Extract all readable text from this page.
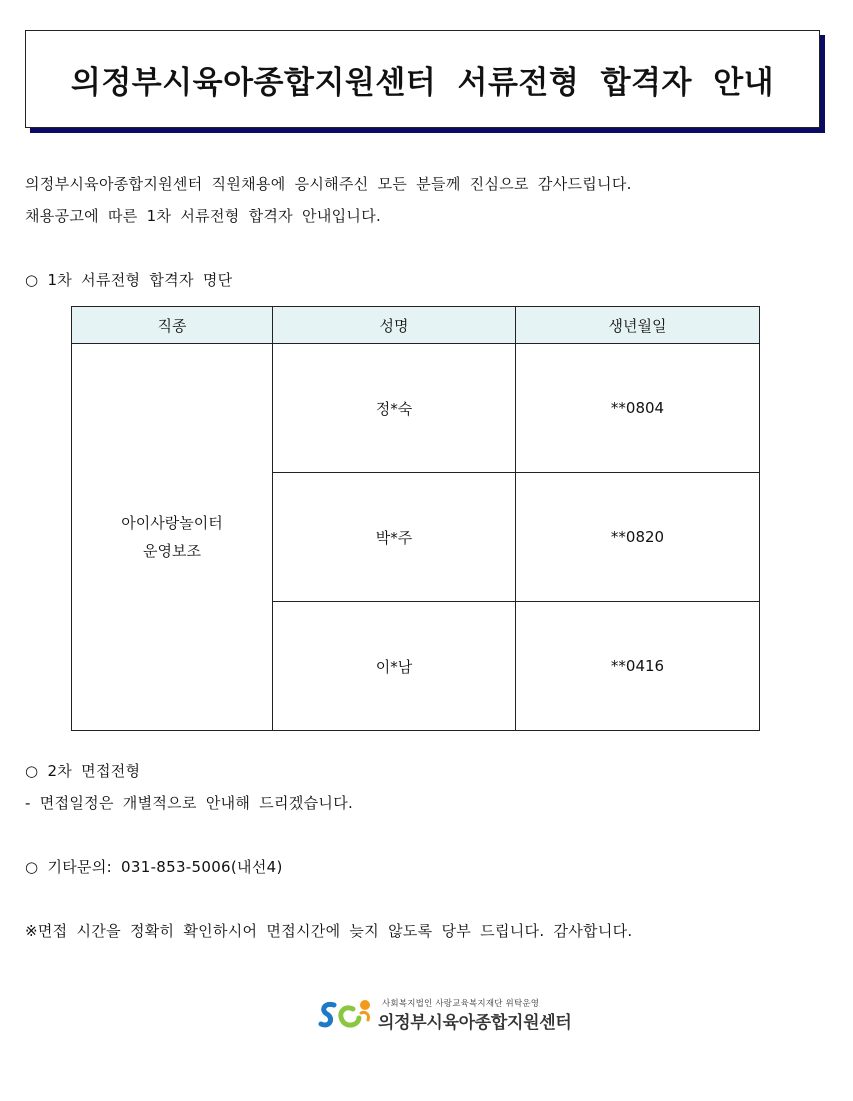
의정부시육아종합지원센터 서류전형 합격자 안내
의정부시육아종합지원센터 직원채용에 응시해주신 모든 분들께 진심으로 감사드립니다.
채용공고에 따른 1차 서류전형 합격자 안내입니다.
○ 1차 서류전형 합격자 명단
직종	성명	생년월일
아이사랑놀이터
운영보조	정*숙	**0804
	박*주	**0820
	이*남	**0416
○ 2차 면접전형
- 면접일정은 개별적으로 안내해 드리겠습니다.
○ 기타문의: 031-853-5006(내선4)
※면접 시간을 정확히 확인하시어 면접시간에 늦지 않도록 당부 드립니다. 감사합니다.
사회복지법인 사랑교육복지재단 위탁운영
의정부시육아종합지원센터
